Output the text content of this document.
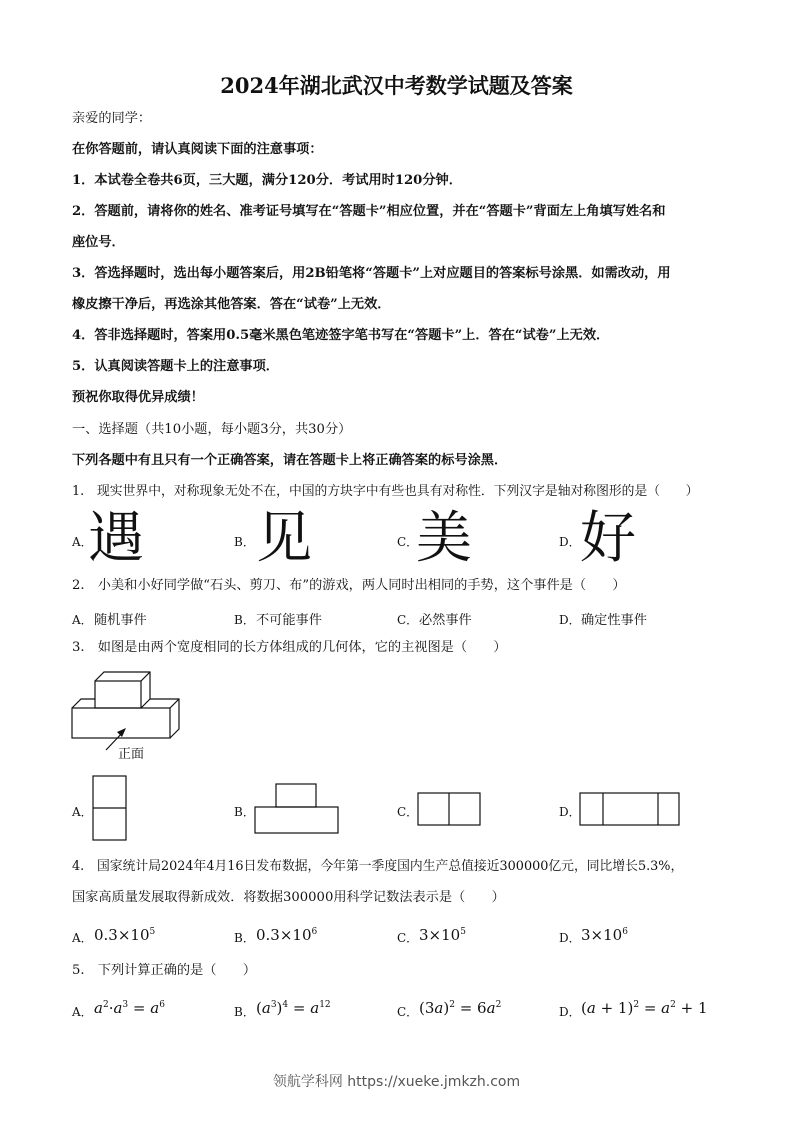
2024年湖北武汉中考数学试题及答案
亲爱的同学：
在你答题前，请认真阅读下面的注意事项：
1．本试卷全卷共6页，三大题，满分120分．考试用时120分钟．
2．答题前，请将你的姓名、准考证号填写在“答题卡”相应位置，并在“答题卡”背面左上角填写姓名和
座位号．
3．答选择题时，选出每小题答案后，用2B铅笔将“答题卡”上对应题目的答案标号涂黑．如需改动，用
橡皮擦干净后，再选涂其他答案．答在“试卷”上无效．
4．答非选择题时，答案用0.5毫米黑色笔迹签字笔书写在“答题卡”上．答在“试卷”上无效．
5．认真阅读答题卡上的注意事项．
预祝你取得优异成绩！
一、选择题（共10小题，每小题3分，共30分）
下列各题中有且只有一个正确答案，请在答题卡上将正确答案的标号涂黑．
1.　现实世界中，对称现象无处不在，中国的方块字中有些也具有对称性．下列汉字是轴对称图形的是（　　）
A．
遇	B． 见	C．
美	D． 好
2.　小美和小好同学做“石头、剪刀、布”的游戏，两人同时出相同的手势，这个事件是（　　）
A． 随机事件	B． 不可能事件	C． 必然事件	D． 确定性事件
3.　如图是由两个宽度相同的长方体组成的几何体，它的主视图是（　　）
正面
A．	B．	C．	D．
4.　国家统计局2024年4月16日发布数据，今年第一季度国内生产总值接近300000亿元，同比增长5.3%，
国家高质量发展取得新成效．将数据300000用科学记数法表示是（　　）
A． $0.3\times 10^5$	B． $0.3\times 10^6$	C． $3\times 10^5$	D． $3\times 10^6$
5.　下列计算正确的是（　　）
A． $a^2\cdot a^3 = a^6$	B． $(a^3)^4 = a^{12}$	C． $(3a)^2 = 6a^2$	D． $(a + 1)^2 = a^2 + 1$
领航学科网 https://xueke.jmkzh.com
